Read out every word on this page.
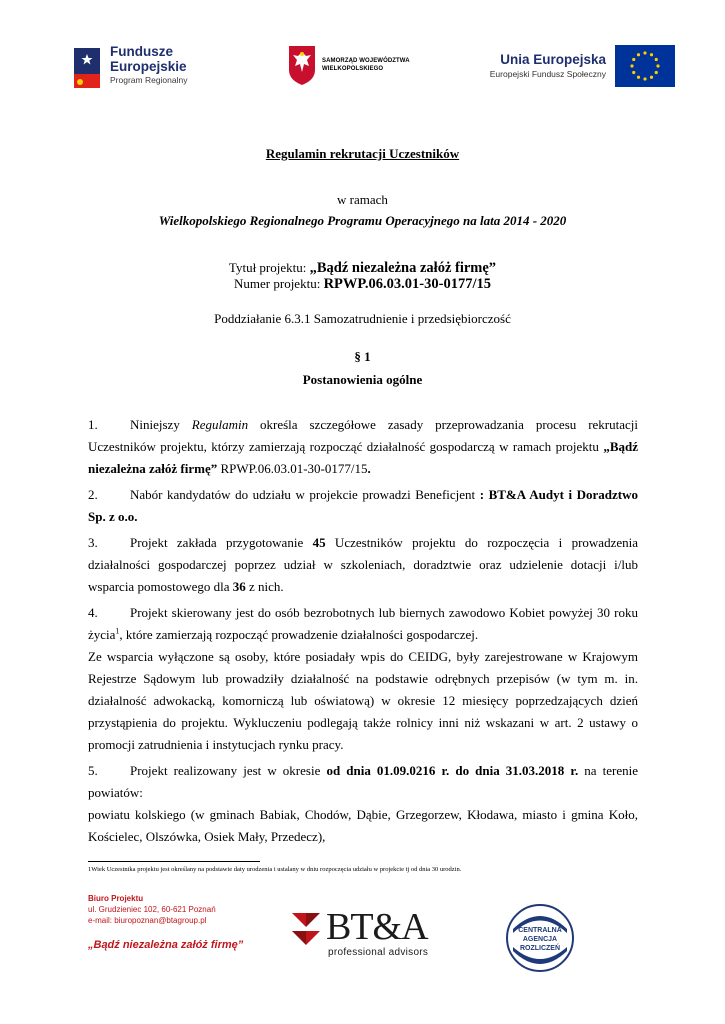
Fundusze
Europejskie
Program Regionalny
SAMORZĄD WOJEWÓDZTWA
WIELKOPOLSKIEGO
Unia Europejska
Europejski Fundusz Społeczny
Regulamin rekrutacji Uczestników
w ramach
Wielkopolskiego Regionalnego Programu Operacyjnego na lata 2014 - 2020
Tytuł projektu: „Bądź niezależna załóż firmę”
Numer projektu: RPWP.06.03.01-30-0177/15
Poddziałanie 6.3.1 Samozatrudnienie i przedsiębiorczość
§ 1
Postanowienia ogólne

1. Niniejszy Regulamin określa szczegółowe zasady przeprowadzania procesu rekrutacji Uczestników projektu, którzy zamierzają rozpocząć działalność gospodarczą w ramach projektu „Bądź niezależna załóż firmę” RPWP.06.03.01-30-0177/15.

2. Nabór kandydatów do udziału w projekcie prowadzi Beneficjent : BT&A Audyt i Doradztwo Sp. z o.o.

3. Projekt zakłada przygotowanie 45 Uczestników projektu do rozpoczęcia i prowadzenia działalności gospodarczej poprzez udział w szkoleniach, doradztwie oraz udzielenie dotacji i/lub wsparcia pomostowego dla 36 z nich.

4. Projekt skierowany jest do osób bezrobotnych lub biernych zawodowo Kobiet powyżej 30 roku życia$^1$, które zamierzają rozpocząć prowadzenie działalności gospodarczej.

Ze wsparcia wyłączone są osoby, które posiadały wpis do CEIDG, były zarejestrowane w Krajowym Rejestrze Sądowym lub prowadziły działalność na podstawie odrębnych przepisów (w tym m. in. działalność adwokacką, komorniczą lub oświatową) w okresie 12 miesięcy poprzedzających dzień przystąpienia do projektu. Wykluczeniu podlegają także rolnicy inni niż wskazani w art. 2 ustawy o promocji zatrudnienia i instytucjach rynku pracy.

5. Projekt realizowany jest w okresie od dnia 01.09.0216 r. do dnia 31.03.2018 r. na terenie powiatów:

powiatu kolskiego (w gminach Babiak, Chodów, Dąbie, Grzegorzew, Kłodawa, miasto i gmina Koło, Kościelec, Olszówka, Osiek Mały, Przedecz),

1Wiek Uczestnika projektu jest określany na podstawie daty urodzenia i ustalany w dniu rozpoczęcia udziału w projekcie tj od dnia 30 urodzin.
Biuro Projektu
ul. Grudzieniec 102, 60-621 Poznań
e-mail: biuropoznan@btagroup.pl
„Bądź niezależna załóż firmę” BT&A
professional advisors
CENTRALNA
AGENCJA
ROZLICZEŃ
